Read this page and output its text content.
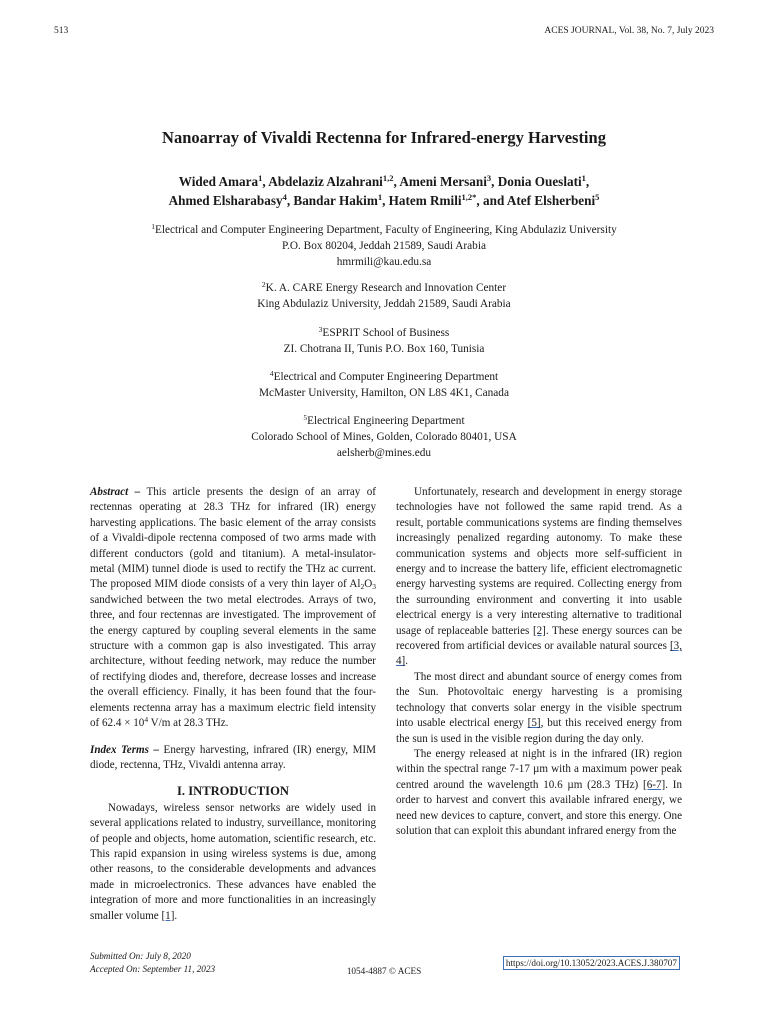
513	ACES JOURNAL, Vol. 38, No. 7, July 2023
Nanoarray of Vivaldi Rectenna for Infrared-energy Harvesting
Wided Amara$^1$, Abdelaziz Alzahrani$^{1,2}$, Ameni Mersani$^3$, Donia Oueslati$^1$,
Ahmed Elsharabasy$^4$, Bandar Hakim$^1$, Hatem Rmili$^{1,2*}$, and Atef Elsherbeni$^5$
$^1$Electrical and Computer Engineering Department, Faculty of Engineering, King Abdulaziz University
P.O. Box 80204, Jeddah 21589, Saudi Arabia
hmrmili@kau.edu.sa
$^2$K. A. CARE Energy Research and Innovation Center
King Abdulaziz University, Jeddah 21589, Saudi Arabia
$^3$ESPRIT School of Business
ZI. Chotrana II, Tunis P.O. Box 160, Tunisia
$^4$Electrical and Computer Engineering Department
McMaster University, Hamilton, ON L8S 4K1, Canada
$^5$Electrical Engineering Department
Colorado School of Mines, Golden, Colorado 80401, USA
aelsherb@mines.edu

Abstract – This article presents the design of an array of rectennas operating at 28.3 THz for infrared (IR) energy harvesting applications. The basic element of the array consists of a Vivaldi-dipole rectenna composed of two arms made with different conductors (gold and titanium). A metal-insulator-metal (MIM) tunnel diode is used to rectify the THz ac current. The proposed MIM diode consists of a very thin layer of $Al_2O_3$ sandwiched between the two metal electrodes. Arrays of two, three, and four rectennas are investigated. The improvement of the energy captured by coupling several elements in the same structure with a common gap is also investigated. This array architecture, without feeding network, may reduce the number of rectifying diodes and, therefore, decrease losses and increase the overall efficiency. Finally, it has been found that the four-elements rectenna array has a maximum electric field intensity of $62.4 \times 10^4$ V/m at 28.3 THz.

Index Terms – Energy harvesting, infrared (IR) energy, MIM diode, rectenna, THz, Vivaldi antenna array.

I. INTRODUCTION

Nowadays, wireless sensor networks are widely used in several applications related to industry, surveillance, monitoring of people and objects, home automation, scientific research, etc. This rapid expansion in using wireless systems is due, among other reasons, to the considerable developments and advances made in microelectronics. These advances have enabled the integration of more and more functionalities in an increasingly smaller volume [1].

Unfortunately, research and development in energy storage technologies have not followed the same rapid trend. As a result, portable communications systems are finding themselves increasingly penalized regarding autonomy. To make these communication systems and objects more self-sufficient in energy and to increase the battery life, efficient electromagnetic energy harvesting systems are required. Collecting energy from the surrounding environment and converting it into usable electrical energy is a very interesting alternative to traditional usage of replaceable batteries [2]. These energy sources can be recovered from artificial devices or available natural sources [3, 4].

The most direct and abundant source of energy comes from the Sun. Photovoltaic energy harvesting is a promising technology that converts solar energy in the visible spectrum into usable electrical energy [5], but this received energy from the sun is used in the visible region during the day only.

The energy released at night is in the infrared (IR) region within the spectral range 7-17 µm with a maximum power peak centred around the wavelength 10.6 µm (28.3 THz) [6-7]. In order to harvest and convert this available infrared energy, we need new devices to capture, convert, and store this energy. One solution that can exploit this abundant infrared energy from the

Submitted On: July 8, 2020
Accepted On: September 11, 2023	1054-4887 © ACES
https://doi.org/10.13052/2023.ACES.J.380707
